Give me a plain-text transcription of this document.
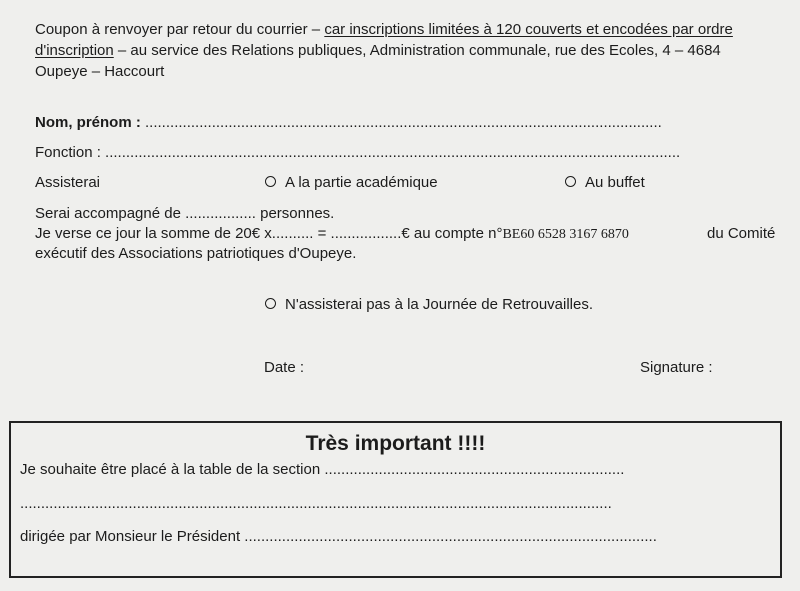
Coupon à renvoyer par retour du courrier – car inscriptions limitées à 120 couverts et encodées par ordre
d'inscription – au service des Relations publiques, Administration communale, rue des Ecoles, 4 – 4684
Oupeye – Haccourt
Nom, prénom : ............................................................................................................................
Fonction : ..........................................................................................................................................
Assisterai	A la partie académique	Au buffet
Serai accompagné de ................. personnes.
Je verse ce jour la somme de 20€ x.......... = .................€ au compte n°BE60 6528 3167 6870	du Comité
exécutif des Associations patriotiques d'Oupeye.
N'assisterai pas à la Journée de Retrouvailles.
Date :	Signature :
Très important !!!!
Je souhaite être placé à la table de la section ........................................................................
..............................................................................................................................................
dirigée par Monsieur le Président ...................................................................................................
